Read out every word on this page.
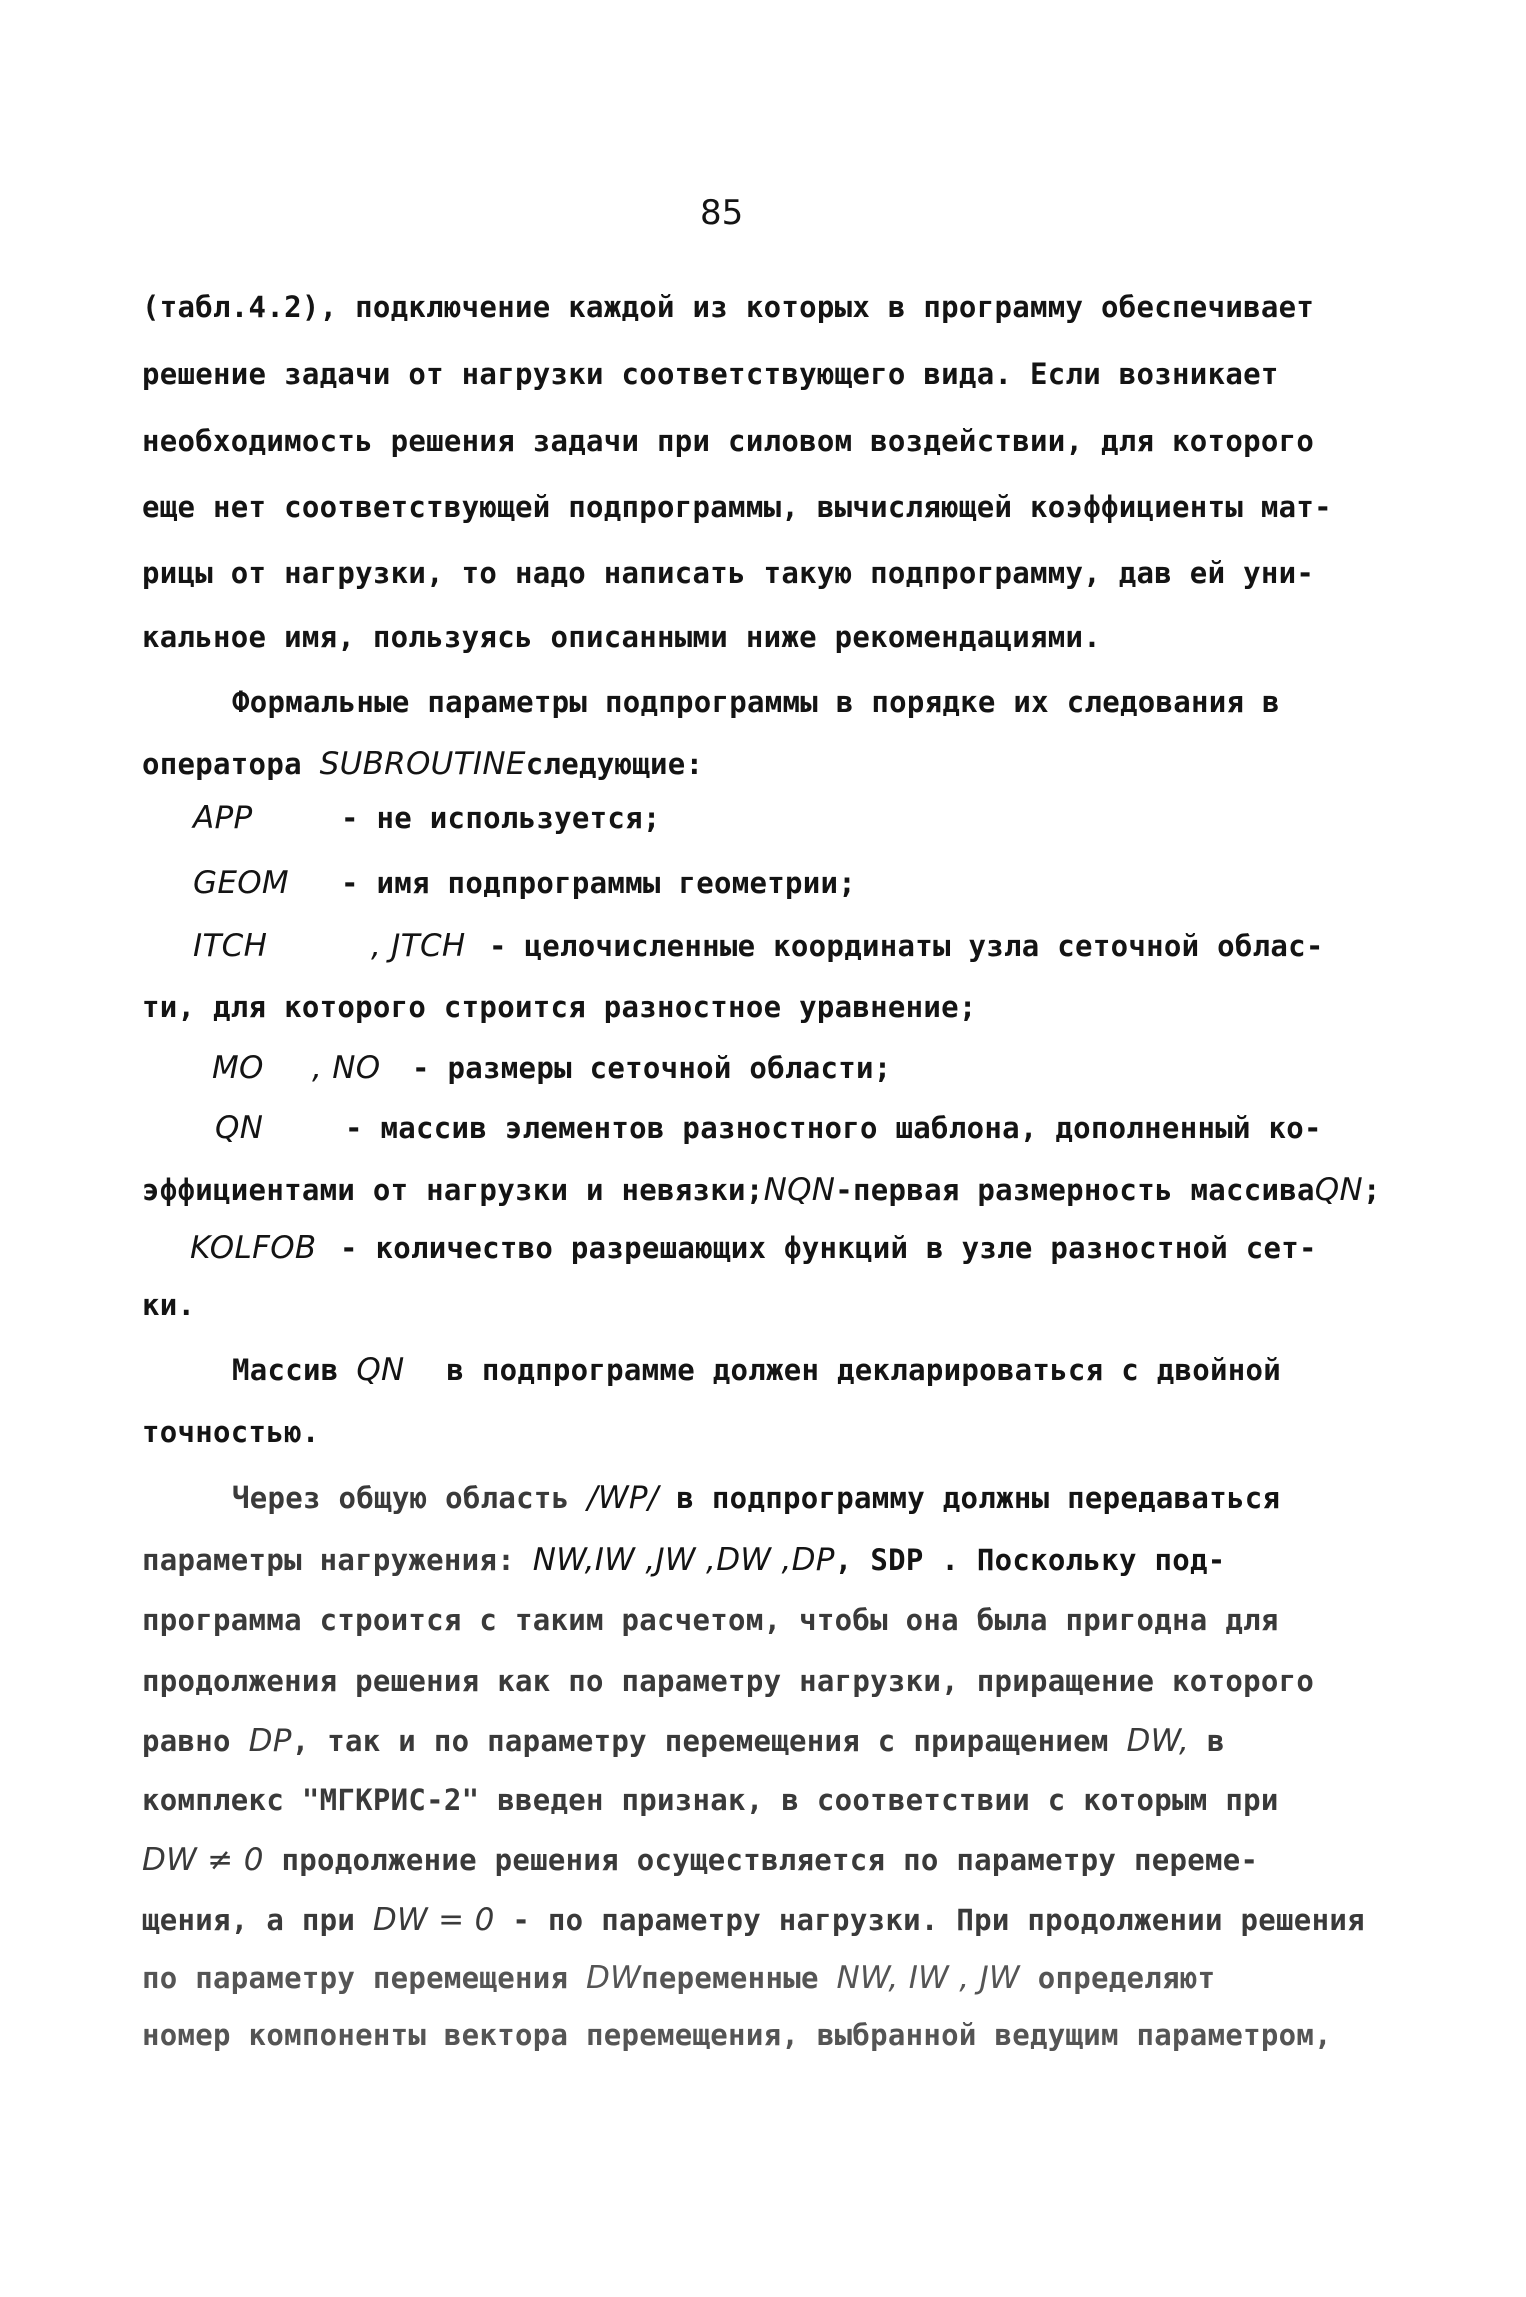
85
(табл.4.2), подключение каждой из которых в программу обеспечивает
решение задачи от нагрузки соответствующего вида. Если возникает
необходимость решения задачи при силовом воздействии, для которого
еще нет соответствующей подпрограммы, вычисляющей коэффициенты мат-
рицы от нагрузки, то надо написать такую подпрограмму, дав ей уни-
кальное имя, пользуясь описанными ниже рекомендациями.
Формальные параметры подпрограммы в порядке их следования в
оператора SUBROUTINEследующие:
APP	- не используется;
GEOM - имя подпрограммы геометрии;
ITCH	, JTCH - целочисленные координаты узла сеточной облас-
ти, для которого строится разностное уравнение;
MO , NO - размеры сеточной области;
QN	- массив элементов разностного шаблона, дополненный ко-
эффициентами от нагрузки и невязки;NQN-первая размерность массиваQN;
KOLFOB - количество разрешающих функций в узле разностной сет-
ки.
Массив QN в подпрограмме должен декларироваться с двойной
точностью.
Через общую область /WP/ в подпрограмму должны передаваться
параметры нагружения: NW,IW ,JW ,DW ,DP, SDP . Поскольку под-
программа строится с таким расчетом, чтобы она была пригодна для
продолжения решения как по параметру нагрузки, приращение которого
равно DP, так и по параметру перемещения с приращением DW, в
комплекс "МГКРИС-2" введен признак, в соответствии с которым при
DW ≠ 0 продолжение решения осуществляется по параметру переме-
щения, а при DW = 0 - по параметру нагрузки. При продолжении решения
по параметру перемещения DWпеременные NW, IW , JW определяют
номер компоненты вектора перемещения, выбранной ведущим параметром,
